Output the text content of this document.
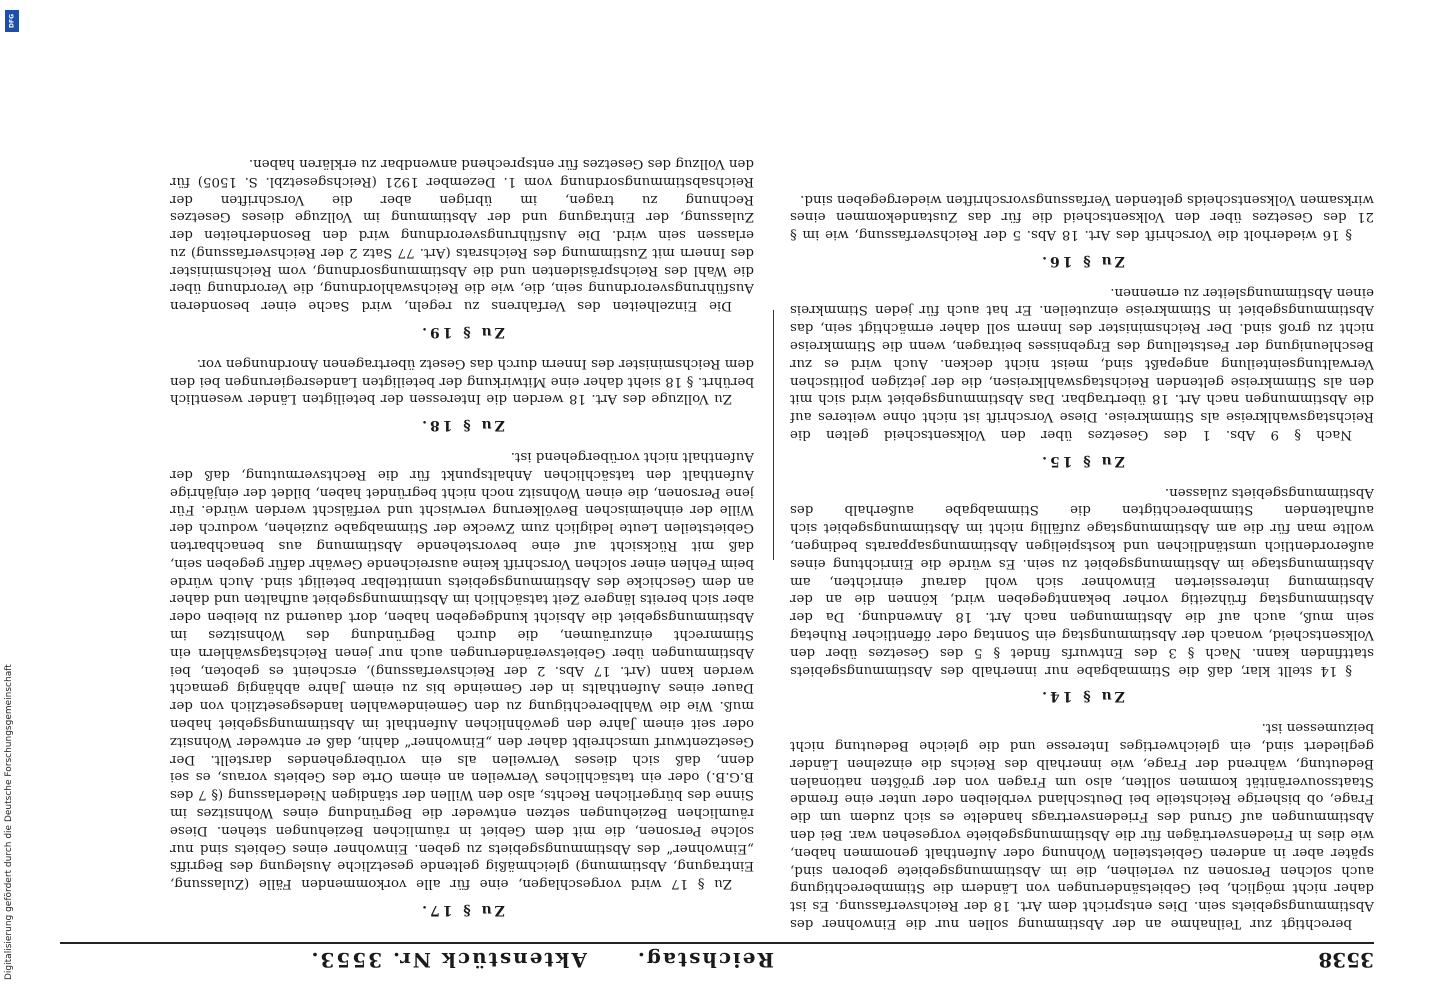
Digitalisierung gefördert durch die Deutsche Forschungsgemeinschaft
DFG
3538
Reichstag. Aktenstück Nr. 3553.

berechtigt zur Teilnahme an der Abstimmung sollen nur die Einwohner des Abstimmungsgebiets sein. Dies entspricht dem Art. 18 der Reichsverfassung. Es ist daher nicht möglich, bei Gebietsänderungen von Ländern die Stimmberechtigung auch solchen Personen zu verleihen, die im Abstimmungsgebiete geboren sind, später aber in anderen Gebietsteilen Wohnung oder Aufenthalt genommen haben, wie dies in Friedensverträgen für die Abstimmungsgebiete vorgesehen war. Bei den Abstimmungen auf Grund des Friedensvertrags handelte es sich zudem um die Frage, ob bisherige Reichsteile bei Deutschland verbleiben oder unter eine fremde Staatssouveränität kommen sollten, also um Fragen von der größten nationalen Bedeutung, während der Frage, wie innerhalb des Reichs die einzelnen Länder gegliedert sind, ein gleichwertiges Interesse und die gleiche Bedeutung nicht beizumessen ist.

Zu § 14.

§ 14 stellt klar, daß die Stimmabgabe nur innerhalb des Abstimmungsgebiets stattfinden kann. Nach § 3 des Entwurfs findet § 5 des Gesetzes über den Volksentscheid, wonach der Abstimmungstag ein Sonntag oder öffentlicher Ruhetag sein muß, auch auf die Abstimmungen nach Art. 18 Anwendung. Da der Abstimmungstag frühzeitig vorher bekanntgegeben wird, können die an der Abstimmung interessierten Einwohner sich wohl darauf einrichten, am Abstimmungstage im Abstimmungsgebiet zu sein. Es würde die Einrichtung eines außerordentlich umständlichen und kostspieligen Abstimmungsapparats bedingen, wollte man für die am Abstimmungstage zufällig nicht im Abstimmungsgebiet sich aufhaltenden Stimmberechtigten die Stimmabgabe außerhalb des Abstimmungsgebiets zulassen.

Zu § 15.

Nach § 9 Abs. 1 des Gesetzes über den Volksentscheid gelten die Reichstagswahlkreise als Stimmkreise. Diese Vorschrift ist nicht ohne weiteres auf die Abstimmungen nach Art. 18 übertragbar. Das Abstimmungsgebiet wird sich mit den als Stimmkreise geltenden Reichstagswahlkreisen, die der jetzigen politischen Verwaltungseinteilung angepaßt sind, meist nicht decken. Auch wird es zur Beschleunigung der Feststellung des Ergebnisses beitragen, wenn die Stimmkreise nicht zu groß sind. Der Reichsminister des Innern soll daher ermächtigt sein, das Abstimmungsgebiet in Stimmkreise einzuteilen. Er hat auch für jeden Stimmkreis einen Abstimmungsleiter zu ernennen.

Zu § 16.

§ 16 wiederholt die Vorschrift des Art. 18 Abs. 5 der Reichsverfassung, wie im § 21 des Gesetzes über den Volksentscheid die für das Zustandekommen eines wirksamen Volksentscheids geltenden Verfassungsvorschriften wiedergegeben sind.

Zu § 17.

Zu § 17 wird vorgeschlagen, eine für alle vorkommenden Fälle (Zulassung, Eintragung, Abstimmung) gleichmäßig geltende gesetzliche Auslegung des Begriffs „Einwohner“ des Abstimmungsgebiets zu geben. Einwohner eines Gebiets sind nur solche Personen, die mit dem Gebiet in räumlichen Beziehungen stehen. Diese räumlichen Beziehungen setzen entweder die Begründung eines Wohnsitzes im Sinne des bürgerlichen Rechts, also den Willen der ständigen Niederlassung (§ 7 des B.G.B.) oder ein tatsächliches Verweilen an einem Orte des Gebiets voraus, es sei denn, daß sich dieses Verweilen als ein vorübergehendes darstellt. Der Gesetzentwurf umschreibt daher den „Einwohner“ dahin, daß er entweder Wohnsitz oder seit einem Jahre den gewöhnlichen Aufenthalt im Abstimmungsgebiet haben muß. Wie die Wahlberechtigung zu den Gemeindewahlen landesgesetzlich von der Dauer eines Aufenthalts in der Gemeinde bis zu einem Jahre abhängig gemacht werden kann (Art. 17 Abs. 2 der Reichsverfassung), erscheint es geboten, bei Abstimmungen über Gebietsveränderungen auch nur jenen Reichstagswählern ein Stimmrecht einzuräumen, die durch Begründung des Wohnsitzes im Abstimmungsgebiet die Absicht kundgegeben haben, dort dauernd zu bleiben oder aber sich bereits längere Zeit tatsächlich im Abstimmungsgebiet aufhalten und daher an dem Geschicke des Abstimmungsgebiets unmittelbar beteiligt sind. Auch würde beim Fehlen einer solchen Vorschrift keine ausreichende Gewähr dafür gegeben sein, daß mit Rücksicht auf eine bevorstehende Abstimmung aus benachbarten Gebietsteilen Leute lediglich zum Zwecke der Stimmabgabe zuziehen, wodurch der Wille der einheimischen Bevölkerung verwischt und verfälscht werden würde. Für jene Personen, die einen Wohnsitz noch nicht begründet haben, bildet der einjährige Aufenthalt den tatsächlichen Anhaltspunkt für die Rechtsvermutung, daß der Aufenthalt nicht vorübergehend ist.

Zu § 18.

Zu Vollzuge des Art. 18 werden die Interessen der beteiligten Länder wesentlich berührt. § 18 sieht daher eine Mitwirkung der beteiligten Landesregierungen bei den dem Reichsminister des Innern durch das Gesetz übertragenen Anordnungen vor.

Zu § 19.

Die Einzelheiten des Verfahrens zu regeln, wird Sache einer besonderen Ausführungsverordnung sein, die, wie die Reichswahlordnung, die Verordnung über die Wahl des Reichspräsidenten und die Abstimmungsordnung, vom Reichsminister des Innern mit Zustimmung des Reichsrats (Art. 77 Satz 2 der Reichsverfassung) zu erlassen sein wird. Die Ausführungsverordnung wird den Besonderheiten der Zulassung, der Eintragung und der Abstimmung im Vollzuge dieses Gesetzes Rechnung zu tragen, im übrigen aber die Vorschriften der Reichsabstimmungsordnung vom 1. Dezember 1921 (Reichsgesetzbl. S. 1505) für den Vollzug des Gesetzes für entsprechend anwendbar zu erklären haben.
